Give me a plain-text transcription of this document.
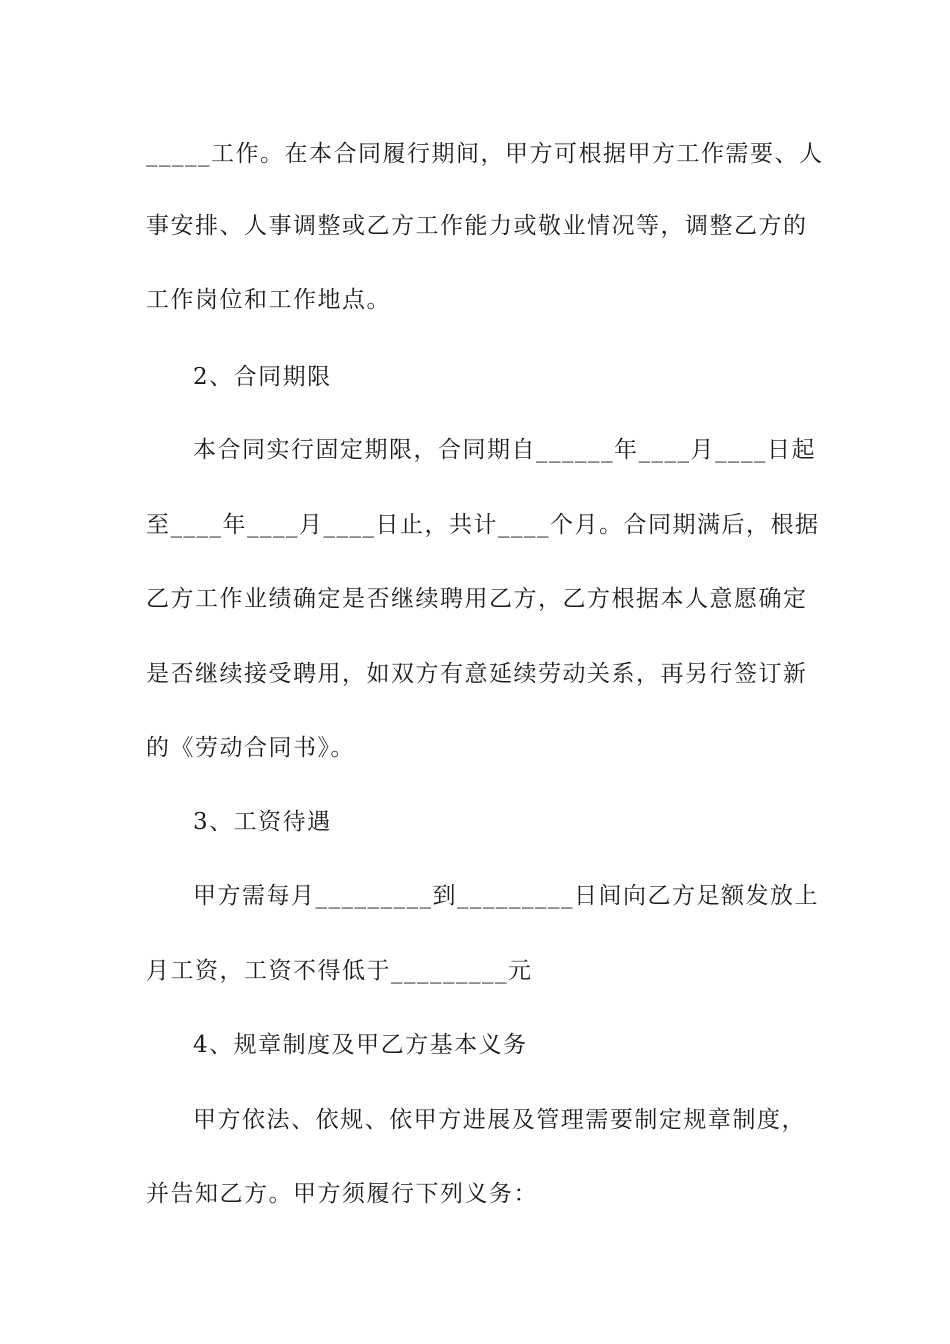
_____工作。在本合同履行期间，甲方可根据甲方工作需要、人
事安排、人事调整或乙方工作能力或敬业情况等，调整乙方的
工作岗位和工作地点。
2、合同期限
本合同实行固定期限，合同期自______年____月____日起
至____年____月____日止，共计____个月。合同期满后，根据
乙方工作业绩确定是否继续聘用乙方，乙方根据本人意愿确定
是否继续接受聘用，如双方有意延续劳动关系，再另行签订新
的《劳动合同书》。
3、工资待遇
甲方需每月_________到_________日间向乙方足额发放上
月工资，工资不得低于_________元
4、规章制度及甲乙方基本义务
甲方依法、依规、依甲方进展及管理需要制定规章制度，
并告知乙方。甲方须履行下列义务：
